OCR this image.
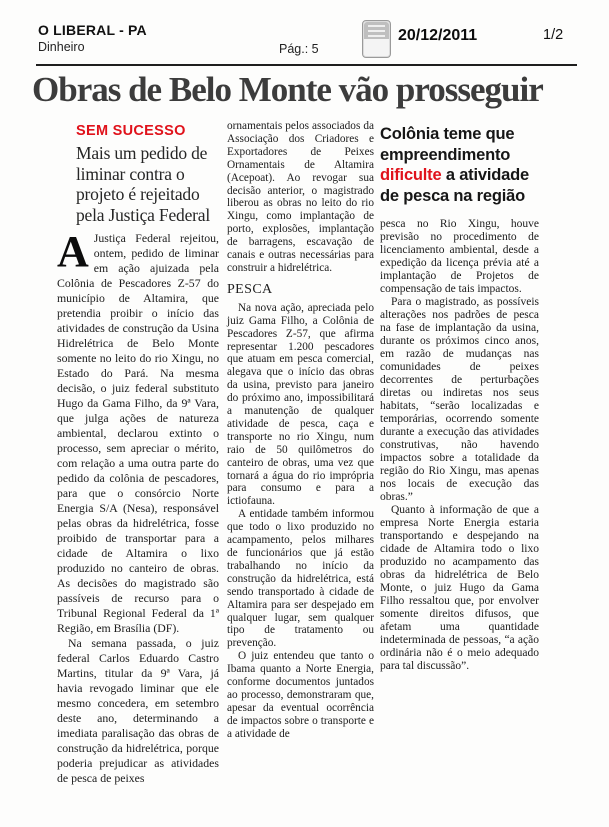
O LIBERAL - PA
Dinheiro	Pág.: 5
20/12/2011	1/2
Obras de Belo Monte vão prosseguir

SEM SUCESSO

Mais um pedido de liminar contra o projeto é rejeitado pela Justiça Federal

A Justiça Federal rejeitou, ontem, pedido de liminar em ação ajuizada pela Colônia de Pescadores Z-57 do município de Altamira, que pretendia proibir o início das atividades de construção da Usina Hidrelétrica de Belo Monte somente no leito do rio Xingu, no Estado do Pará. Na mesma decisão, o juiz federal substituto Hugo da Gama Filho, da 9ª Vara, que julga ações de natureza ambiental, declarou extinto o processo, sem apreciar o mérito, com relação a uma outra parte do pedido da colônia de pescadores, para que o consórcio Norte Energia S/A (Nesa), responsável pelas obras da hidrelétrica, fosse proibido de transportar para a cidade de Altamira o lixo produzido no canteiro de obras. As decisões do magistrado são passíveis de recurso para o Tribunal Regional Federal da 1ª Região, em Brasília (DF).

Na semana passada, o juiz federal Carlos Eduardo Castro Martins, titular da 9ª Vara, já havia revogado liminar que ele mesmo concedera, em setembro deste ano, determinando a imediata paralisação das obras de construção da hidrelétrica, porque poderia prejudicar as atividades de pesca de peixes

ornamentais pelos associados da Associação dos Criadores e Exportadores de Peixes Ornamentais de Altamira (Acepoat). Ao revogar sua decisão anterior, o magistrado liberou as obras no leito do rio Xingu, como implantação de porto, explosões, implantação de barragens, escavação de canais e outras necessárias para construir a hidrelétrica.

PESCA

Na nova ação, apreciada pelo juiz Gama Filho, a Colônia de Pescadores Z-57, que afirma representar 1.200 pescadores que atuam em pesca comercial, alegava que o início das obras da usina, previsto para janeiro do próximo ano, impossibilitará a manutenção de qualquer atividade de pesca, caça e transporte no rio Xingu, num raio de 50 quilômetros do canteiro de obras, uma vez que tornará a água do rio imprópria para consumo e para a ictiofauna.

A entidade também informou que todo o lixo produzido no acampamento, pelos milhares de funcionários que já estão trabalhando no início da construção da hidrelétrica, está sendo transportado à cidade de Altamira para ser despejado em qualquer lugar, sem qualquer tipo de tratamento ou prevenção.

O juiz entendeu que tanto o Ibama quanto a Norte Energia, conforme documentos juntados ao processo, demonstraram que, apesar da eventual ocorrência de impactos sobre o transporte e a atividade de

Colônia teme que empreendimento dificulte a atividade de pesca na região

pesca no Rio Xingu, houve previsão no procedimento de licenciamento ambiental, desde a expedição da licença prévia até a implantação de Projetos de compensação de tais impactos.

Para o magistrado, as possíveis alterações nos padrões de pesca na fase de implantação da usina, durante os próximos cinco anos, em razão de mudanças nas comunidades de peixes decorrentes de perturbações diretas ou indiretas nos seus habitats, “serão localizadas e temporárias, ocorrendo somente durante a execução das atividades construtivas, não havendo impactos sobre a totalidade da região do Rio Xingu, mas apenas nos locais de execução das obras.”

Quanto à informação de que a empresa Norte Energia estaria transportando e despejando na cidade de Altamira todo o lixo produzido no acampamento das obras da hidrelétrica de Belo Monte, o juiz Hugo da Gama Filho ressaltou que, por envolver somente direitos difusos, que afetam uma quantidade indeterminada de pessoas, “a ação ordinária não é o meio adequado para tal discussão”.
